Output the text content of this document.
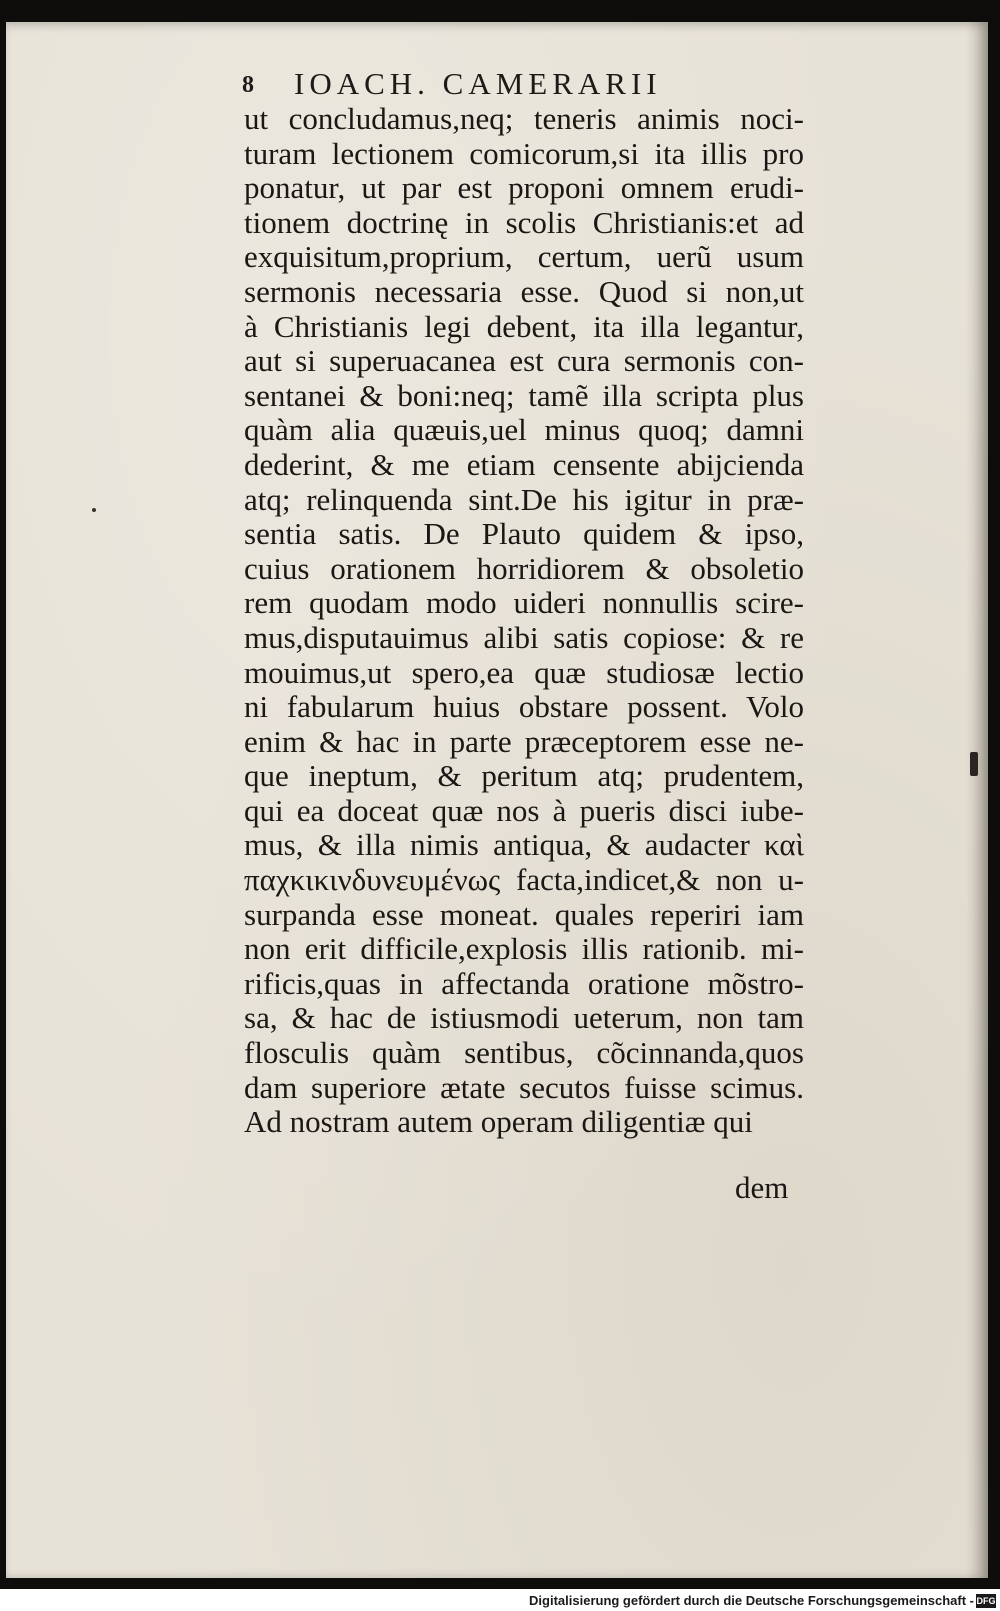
8 IOACH. CAMERARII
ut concludamus,neq; teneris animis noci-
turam lectionem comicorum,si ita illis pro
ponatur, ut par est proponi omnem erudi-
tionem doctrinę in scolis Christianis:et ad
exquisitum,proprium, certum, uerũ usum
sermonis necessaria esse. Quod si non,ut
à Christianis legi debent, ita illa legantur,
aut si superuacanea est cura sermonis con-
sentanei & boni:neq; tamẽ illa scripta plus
quàm alia quæuis,uel minus quoq; damni
dederint, & me etiam censente abijcienda
atq; relinquenda sint.De his igitur in præ-
sentia satis. De Plauto quidem & ipso,
cuius orationem horridiorem & obsoletio
rem quodam modo uideri nonnullis scire-
mus,disputauimus alibi satis copiose: & re
mouimus,ut spero,ea quæ studiosæ lectio
ni fabularum huius obstare possent. Volo
enim & hac in parte præceptorem esse ne-
que ineptum, & peritum atq; prudentem,
qui ea doceat quæ nos à pueris disci iube-
mus, & illa nimis antiqua, & audacter καὶ
παχκικινδυνευμένως facta,indicet,& non u-
surpanda esse moneat. quales reperiri iam
non erit difficile,explosis illis rationib. mi-
rificis,quas in affectanda oratione mõstro-
sa, & hac de istiusmodi ueterum, non tam
flosculis quàm sentibus, cõcinnanda,quos
dam superiore ætate secutos fuisse scimus.
Ad nostram autem operam diligentiæ qui
dem
Digitalisierung gefördert durch die Deutsche Forschungsgemeinschaft - DFG
